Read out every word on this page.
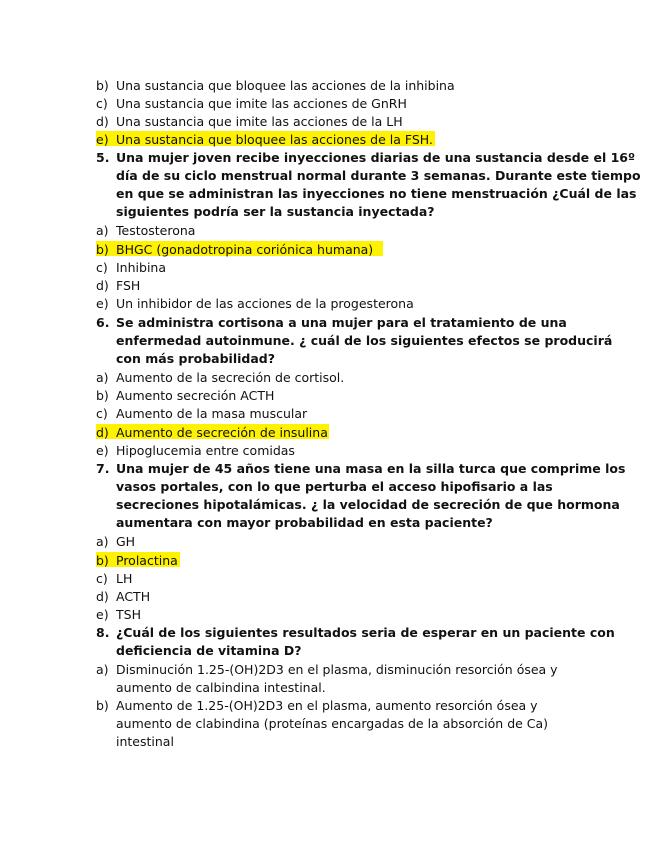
b) Una sustancia que bloquee las acciones de la inhibina
c) Una sustancia que imite las acciones de GnRH
d) Una sustancia que imite las acciones de la LH
e) Una sustancia que bloquee las acciones de la FSH.
5. Una mujer joven recibe inyecciones diarias de una sustancia desde el 16º
día de su ciclo menstrual normal durante 3 semanas. Durante este tiempo
en que se administran las inyecciones no tiene menstruación ¿Cuál de las
siguientes podría ser la sustancia inyectada?
a) Testosterona
b) BHGC (gonadotropina coriónica humana)
c) Inhibina
d) FSH
e) Un inhibidor de las acciones de la progesterona
6. Se administra cortisona a una mujer para el tratamiento de una
enfermedad autoinmune. ¿ cuál de los siguientes efectos se producirá
con más probabilidad?
a) Aumento de la secreción de cortisol.
b) Aumento secreción ACTH
c) Aumento de la masa muscular
d) Aumento de secreción de insulina
e) Hipoglucemia entre comidas
7. Una mujer de 45 años tiene una masa en la silla turca que comprime los
vasos portales, con lo que perturba el acceso hipofisario a las
secreciones hipotalámicas. ¿ la velocidad de secreción de que hormona
aumentara con mayor probabilidad en esta paciente?
a) GH
b) Prolactina
c) LH
d) ACTH
e) TSH
8. ¿Cuál de los siguientes resultados seria de esperar en un paciente con
deficiencia de vitamina D?
a) Disminución 1.25-(OH)2D3 en el plasma, disminución resorción ósea y
aumento de calbindina intestinal.
b) Aumento de 1.25-(OH)2D3 en el plasma, aumento resorción ósea y
aumento de clabindina (proteínas encargadas de la absorción de Ca)
intestinal
